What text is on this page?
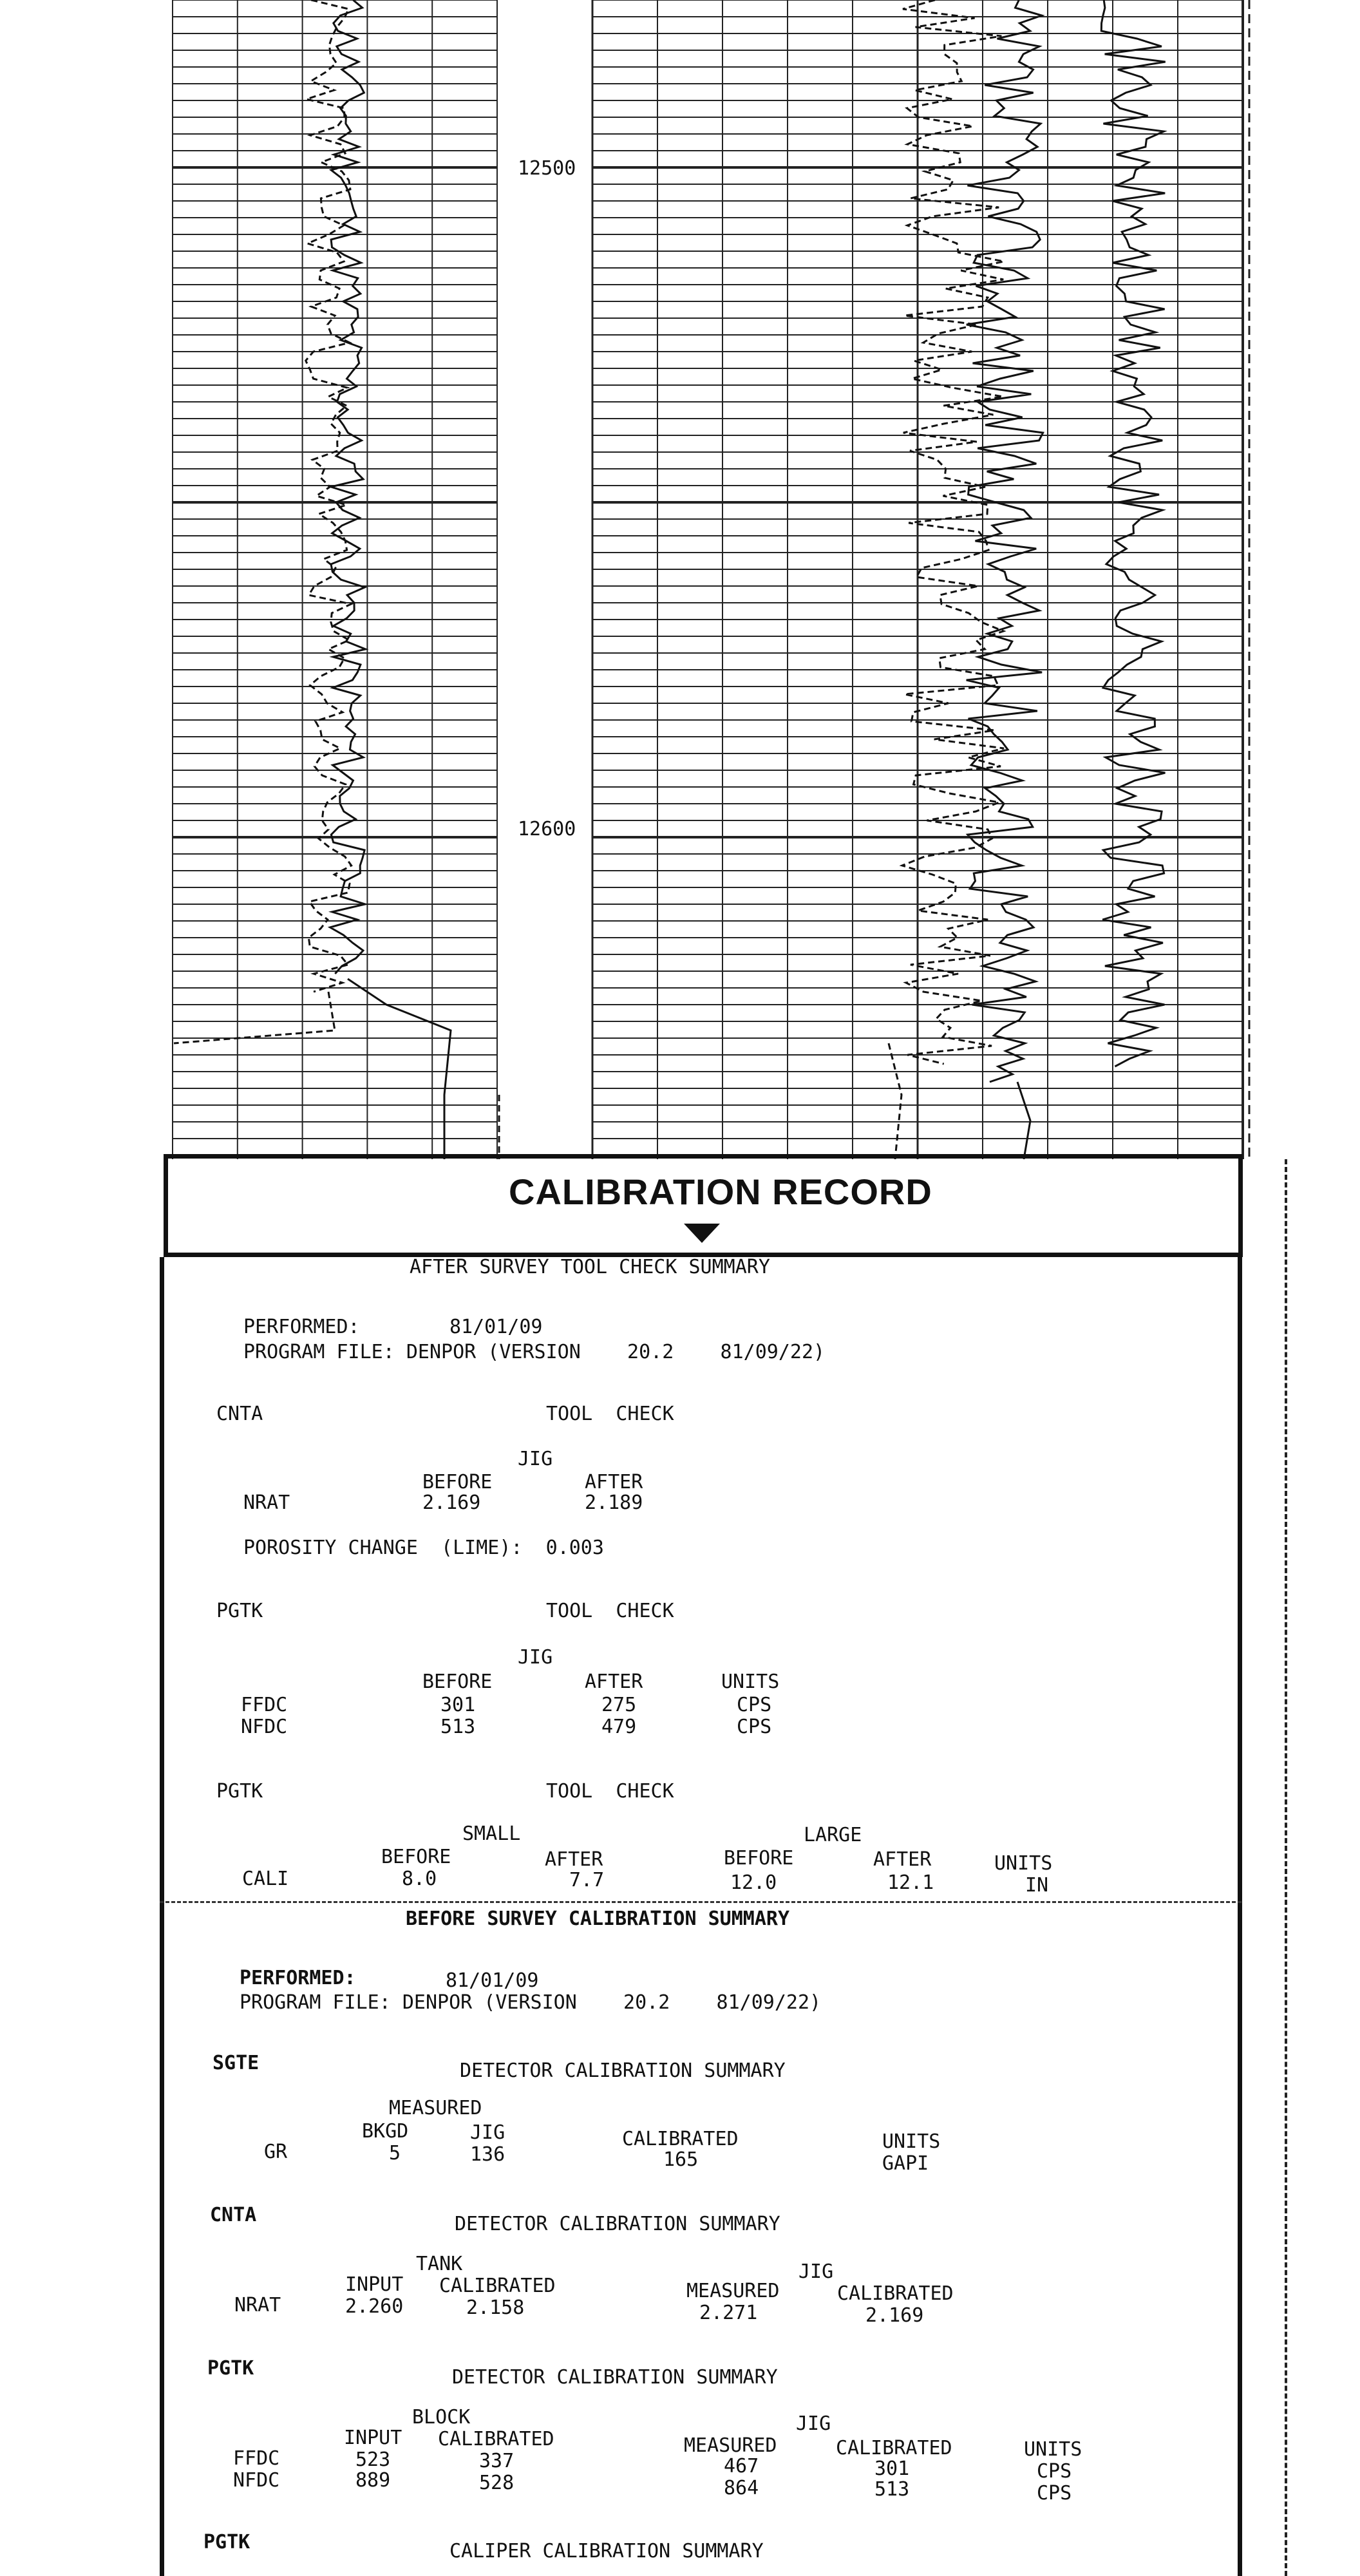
12500
12600
CALIBRATION RECORD
AFTER SURVEY TOOL CHECK SUMMARY
PERFORMED:	81/01/09
PROGRAM FILE: DENPOR (VERSION    20.2    81/09/22)
CNTA	TOOL  CHECK
JIG
BEFORE	AFTER
NRAT	2.169	2.189
POROSITY CHANGE  (LIME):  0.003
PGTK	TOOL  CHECK
JIG
BEFORE	AFTER	UNITS
FFDC	301	275	CPS
NFDC	513	479	CPS
PGTK	TOOL  CHECK
SMALL	LARGE
BEFORE	AFTER	BEFORE	AFTER	UNITS
CALI	8.0	7.7	12.0	12.1	IN
BEFORE SURVEY CALIBRATION SUMMARY
PERFORMED:	81/01/09
PROGRAM FILE: DENPOR (VERSION    20.2    81/09/22)
SGTE	DETECTOR CALIBRATION SUMMARY
MEASURED
BKGD	JIG	CALIBRATED	UNITS
GR	5	136	165	GAPI
CNTA	DETECTOR CALIBRATION SUMMARY
TANK	JIG
INPUT CALIBRATED	MEASURED	CALIBRATED
NRAT	2.260	2.158	2.271	2.169
PGTK	DETECTOR CALIBRATION SUMMARY
BLOCK	JIG
INPUT CALIBRATED	MEASURED	CALIBRATED	UNITS
FFDC	523	337	467	301	CPS
NFDC	889	528	864	513	CPS
PGTK	CALIPER CALIBRATION SUMMARY
